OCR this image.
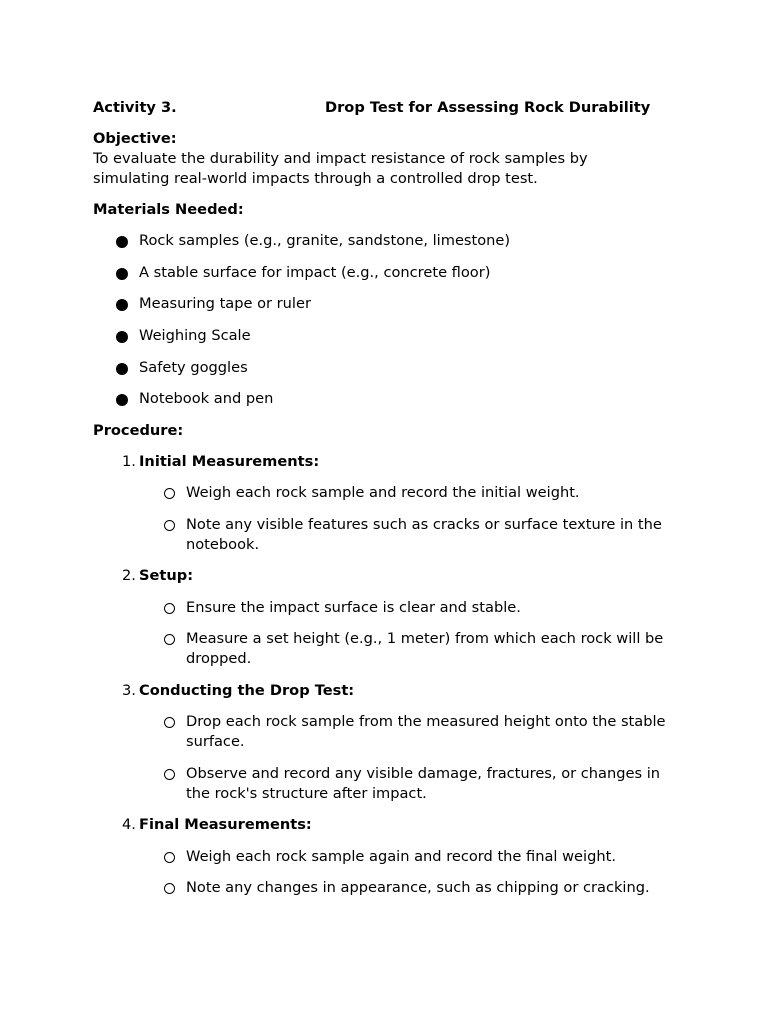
Activity 3.	Drop Test for Assessing Rock Durability
Objective:
To evaluate the durability and impact resistance of rock samples by
simulating real-world impacts through a controlled drop test.
Materials Needed:
Rock samples (e.g., granite, sandstone, limestone)
A stable surface for impact (e.g., concrete floor)
Measuring tape or ruler
Weighing Scale
Safety goggles
Notebook and pen
Procedure:
1. Initial Measurements:
Weigh each rock sample and record the initial weight.
Note any visible features such as cracks or surface texture in the notebook.
2. Setup:
Ensure the impact surface is clear and stable.
Measure a set height (e.g., 1 meter) from which each rock will be dropped.
3. Conducting the Drop Test:
Drop each rock sample from the measured height onto the stable surface.
Observe and record any visible damage, fractures, or changes in the rock's structure after impact.
4. Final Measurements:
Weigh each rock sample again and record the final weight.
Note any changes in appearance, such as chipping or cracking.
